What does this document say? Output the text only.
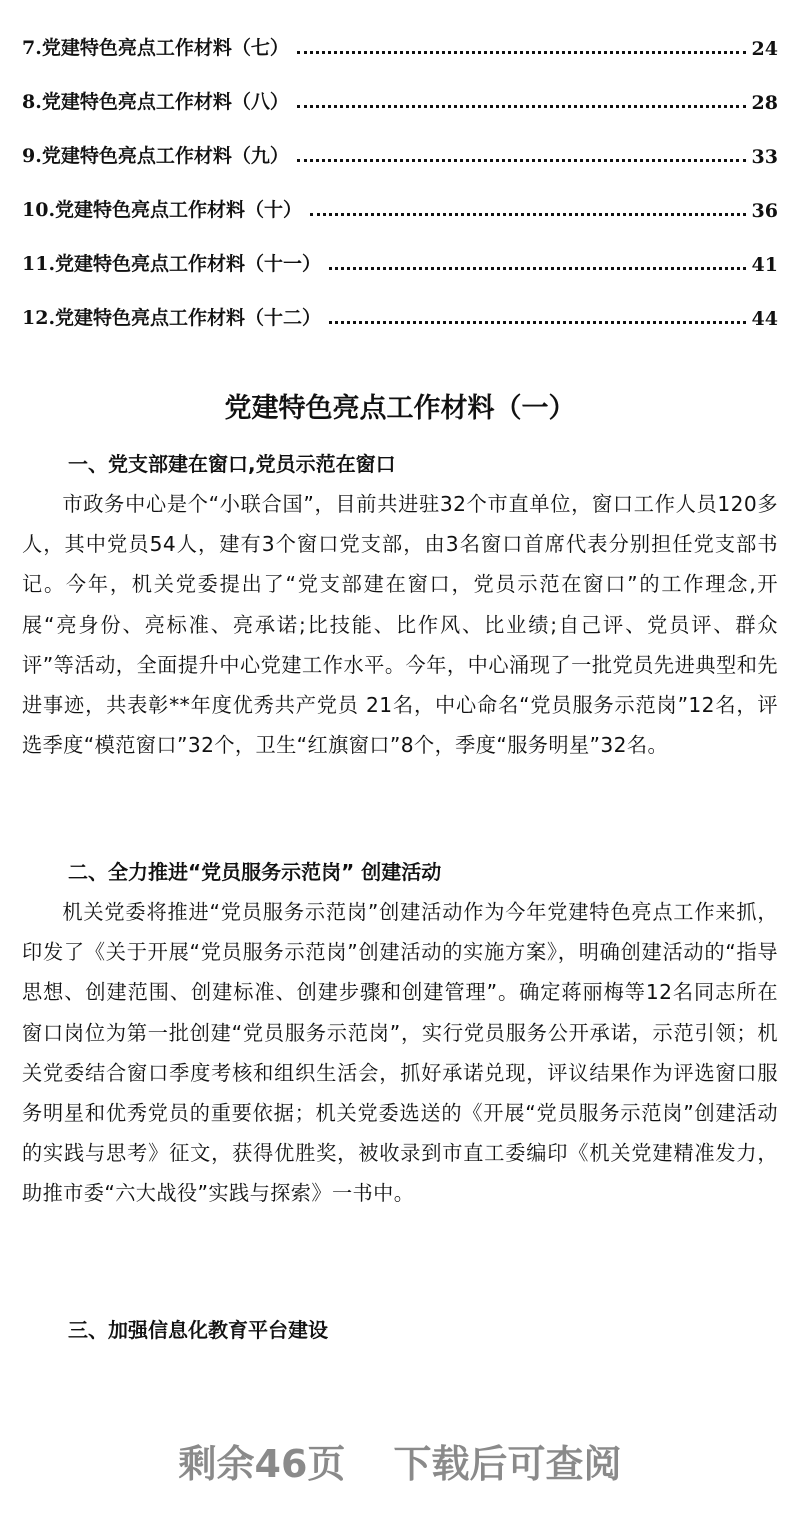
7.党建特色亮点工作材料（七）	24
8.党建特色亮点工作材料（八）	28
9.党建特色亮点工作材料（九）	33
10.党建特色亮点工作材料（十）	36
11.党建特色亮点工作材料（十一）	41
12.党建特色亮点工作材料（十二）	44
党建特色亮点工作材料（一）
一、党支部建在窗口,党员示范在窗口

市政务中心是个“小联合国”，目前共进驻32个市直单位，窗口工作人员120多人，其中党员54人，建有3个窗口党支部，由3名窗口首席代表分别担任党支部书记。今年，机关党委提出了“党支部建在窗口，党员示范在窗口”的工作理念,开展“亮身份、亮标准、亮承诺;比技能、比作风、比业绩;自己评、党员评、群众评”等活动，全面提升中心党建工作水平。今年，中心涌现了一批党员先进典型和先进事迹，共表彰**年度优秀共产党员 21名，中心命名“党员服务示范岗”12名，评选季度“模范窗口”32个，卫生“红旗窗口”8个，季度“服务明星”32名。

二、全力推进“党员服务示范岗” 创建活动

机关党委将推进“党员服务示范岗”创建活动作为今年党建特色亮点工作来抓，印发了《关于开展“党员服务示范岗”创建活动的实施方案》，明确创建活动的“指导思想、创建范围、创建标准、创建步骤和创建管理”。确定蒋丽梅等12名同志所在窗口岗位为第一批创建“党员服务示范岗”，实行党员服务公开承诺，示范引领；机关党委结合窗口季度考核和组织生活会，抓好承诺兑现，评议结果作为评选窗口服务明星和优秀党员的重要依据；机关党委选送的《开展“党员服务示范岗”创建活动的实践与思考》征文，获得优胜奖，被收录到市直工委编印《机关党建精准发力，助推市委“六大战役”实践与探索》一书中。

三、加强信息化教育平台建设
剩余46页 下载后可查阅
